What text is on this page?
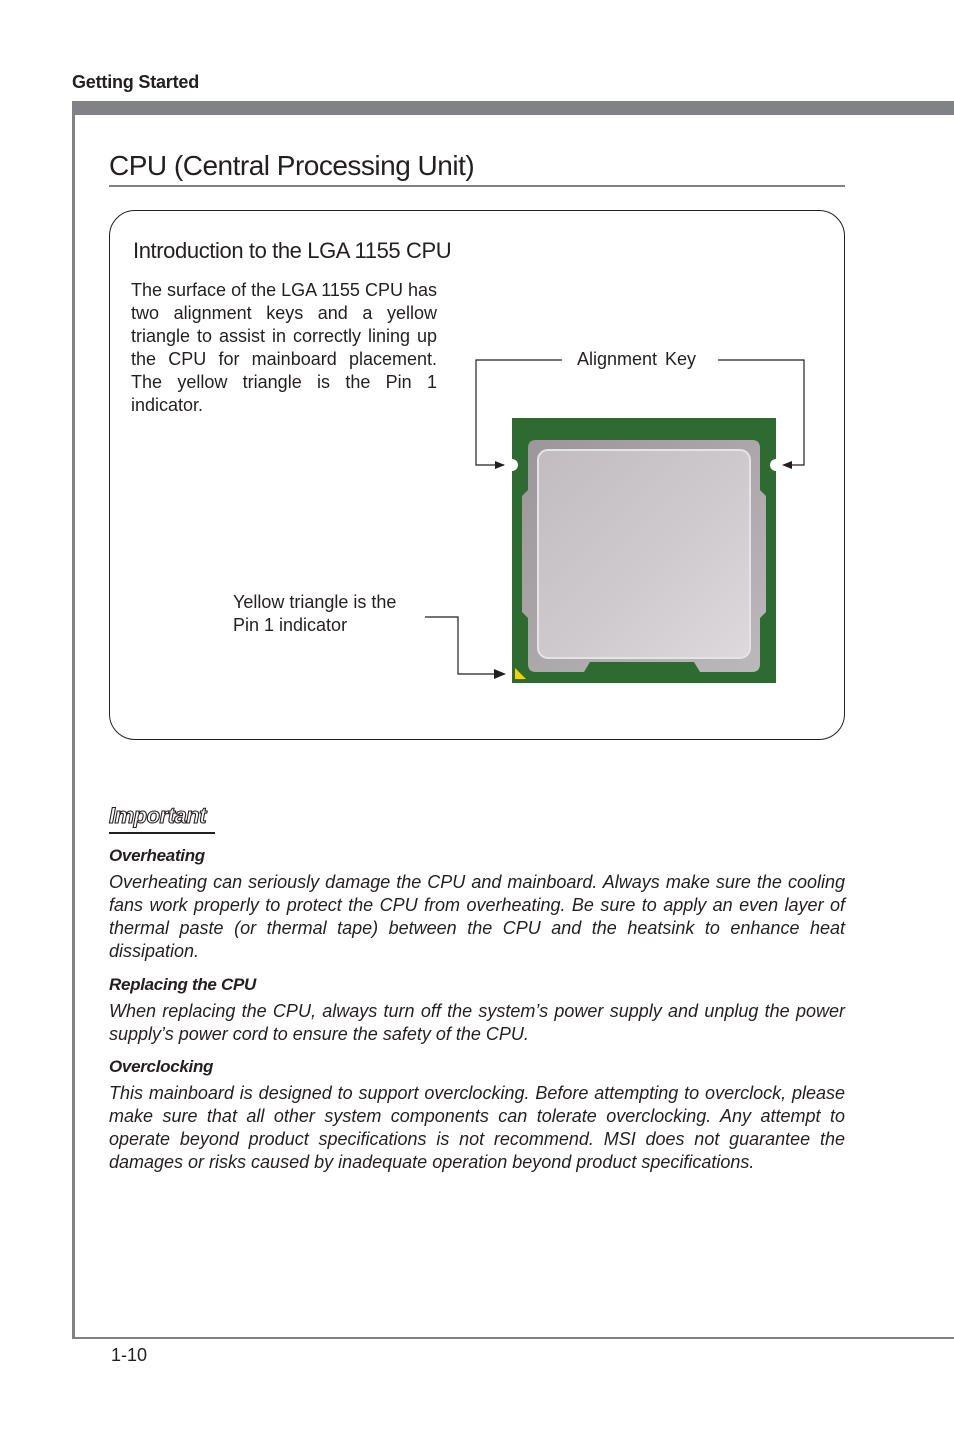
Getting Started
CPU (Central Processing Unit)
Introduction to the LGA 1155 CPU

The surface of the LGA 1155 CPU has two alignment keys and a yellow triangle to assist in correctly lining up the CPU for mainboard placement. The yellow triangle is the Pin 1 indicator.

Alignment Key
Yellow triangle is the
Pin 1 indicator
Important
Overheating

Overheating can seriously damage the CPU and mainboard. Always make sure the cooling fans work properly to protect the CPU from overheating. Be sure to apply an even layer of thermal paste (or thermal tape) between the CPU and the heatsink to enhance heat dissipation.

Replacing the CPU

When replacing the CPU, always turn off the system’s power supply and unplug the power supply’s power cord to ensure the safety of the CPU.

Overclocking

This mainboard is designed to support overclocking. Before attempting to overclock, please make sure that all other system components can tolerate overclocking. Any attempt to operate beyond product specifications is not recommend. MSI does not guarantee the damages or risks caused by inadequate operation beyond product specifications.

1-10
